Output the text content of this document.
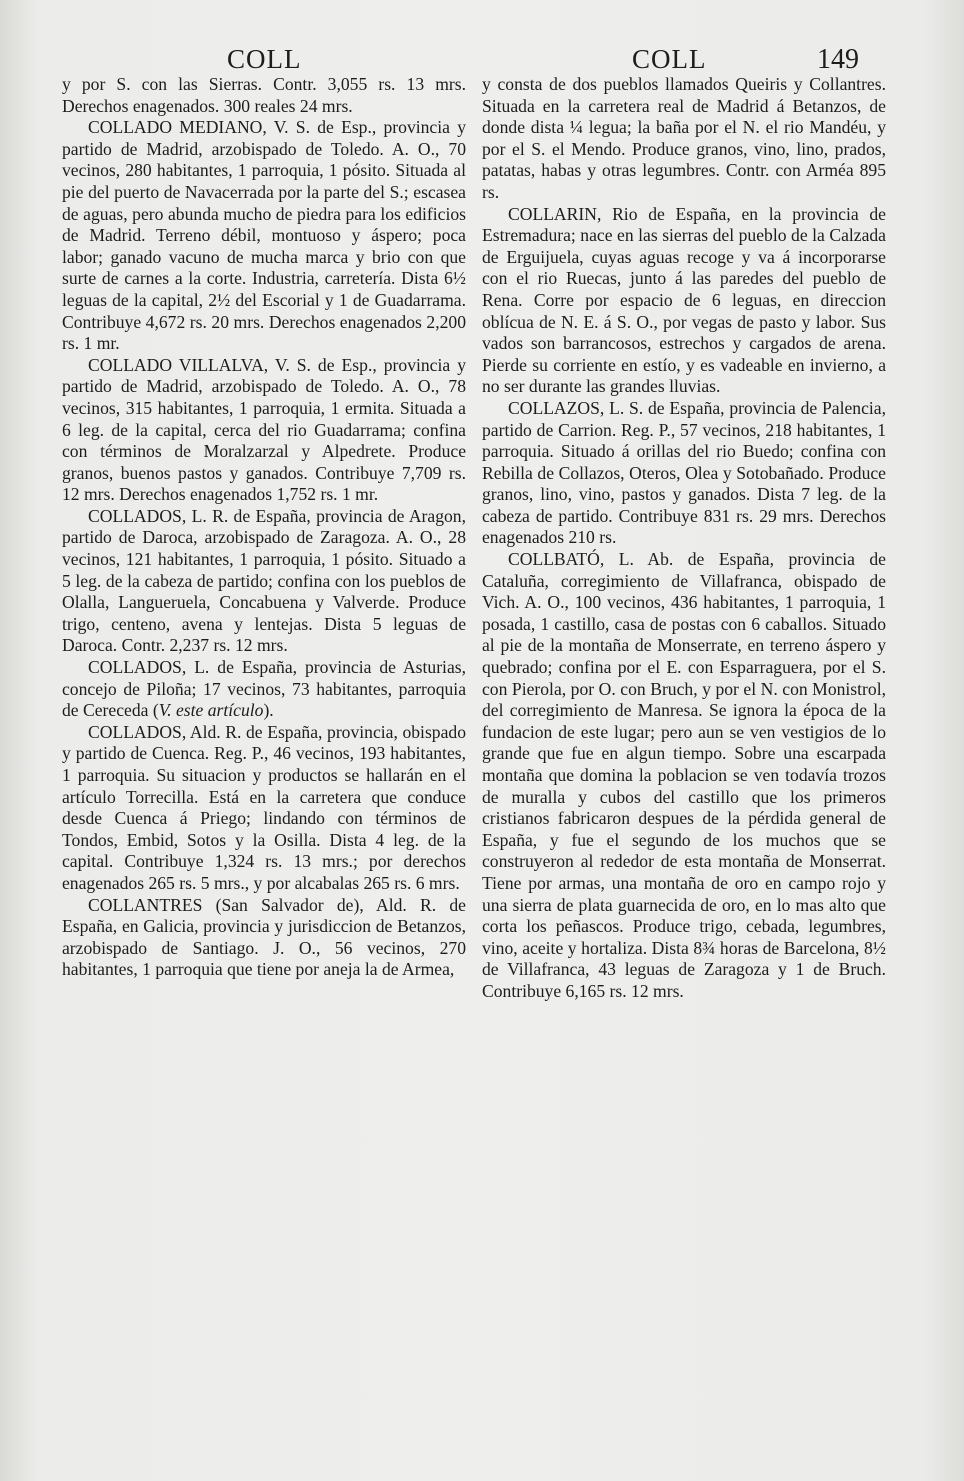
COLL	COLL	149

y por S. con las Sierras. Contr. 3,055 rs. 13 mrs. Derechos enagenados. 300 reales 24 mrs.

COLLADO MEDIANO, V. S. de Esp., provincia y partido de Madrid, arzobispado de Toledo. A. O., 70 vecinos, 280 habitantes, 1 parroquia, 1 pósito. Situada al pie del puerto de Navacerrada por la parte del S.; escasea de aguas, pero abunda mucho de piedra para los edificios de Madrid. Terreno débil, montuoso y áspero; poca labor; ganado vacuno de mucha marca y brio con que surte de carnes a la corte. Industria, carretería. Dista 6½ leguas de la capital, 2½ del Escorial y 1 de Guadarrama. Contribuye 4,672 rs. 20 mrs. Derechos enagenados 2,200 rs. 1 mr.

COLLADO VILLALVA, V. S. de Esp., provincia y partido de Madrid, arzobispado de Toledo. A. O., 78 vecinos, 315 habitantes, 1 parroquia, 1 ermita. Situada a 6 leg. de la capital, cerca del rio Guadarrama; confina con términos de Moralzarzal y Alpedrete. Produce granos, buenos pastos y ganados. Contribuye 7,709 rs. 12 mrs. Derechos enagenados 1,752 rs. 1 mr.

COLLADOS, L. R. de España, provincia de Aragon, partido de Daroca, arzobispado de Zaragoza. A. O., 28 vecinos, 121 habitantes, 1 parroquia, 1 pósito. Situado a 5 leg. de la cabeza de partido; confina con los pueblos de Olalla, Langueruela, Concabuena y Valverde. Produce trigo, centeno, avena y lentejas. Dista 5 leguas de Daroca. Contr. 2,237 rs. 12 mrs.

COLLADOS, L. de España, provincia de Asturias, concejo de Piloña; 17 vecinos, 73 habitantes, parroquia de Cereceda (V. este artículo).

COLLADOS, Ald. R. de España, provincia, obispado y partido de Cuenca. Reg. P., 46 vecinos, 193 habitantes, 1 parroquia. Su situacion y productos se hallarán en el artículo Torrecilla. Está en la carretera que conduce desde Cuenca á Priego; lindando con términos de Tondos, Embid, Sotos y la Osilla. Dista 4 leg. de la capital. Contribuye 1,324 rs. 13 mrs.; por derechos enagenados 265 rs. 5 mrs., y por alcabalas 265 rs. 6 mrs.

COLLANTRES (San Salvador de), Ald. R. de España, en Galicia, provincia y jurisdiccion de Betanzos, arzobispado de Santiago. J. O., 56 vecinos, 270 habitantes, 1 parroquia que tiene por aneja la de Armea,

y consta de dos pueblos llamados Queiris y Collantres. Situada en la carretera real de Madrid á Betanzos, de donde dista ¼ legua; la baña por el N. el rio Mandéu, y por el S. el Mendo. Produce granos, vino, lino, prados, patatas, habas y otras legumbres. Contr. con Arméa 895 rs.

COLLARIN, Rio de España, en la provincia de Estremadura; nace en las sierras del pueblo de la Calzada de Erguijuela, cuyas aguas recoge y va á incorporarse con el rio Ruecas, junto á las paredes del pueblo de Rena. Corre por espacio de 6 leguas, en direccion oblícua de N. E. á S. O., por vegas de pasto y labor. Sus vados son barrancosos, estrechos y cargados de arena. Pierde su corriente en estío, y es vadeable en invierno, a no ser durante las grandes lluvias.

COLLAZOS, L. S. de España, provincia de Palencia, partido de Carrion. Reg. P., 57 vecinos, 218 habitantes, 1 parroquia. Situado á orillas del rio Buedo; confina con Rebilla de Collazos, Oteros, Olea y Sotobañado. Produce granos, lino, vino, pastos y ganados. Dista 7 leg. de la cabeza de partido. Contribuye 831 rs. 29 mrs. Derechos enagenados 210 rs.

COLLBATÓ, L. Ab. de España, provincia de Cataluña, corregimiento de Villafranca, obispado de Vich. A. O., 100 vecinos, 436 habitantes, 1 parroquia, 1 posada, 1 castillo, casa de postas con 6 caballos. Situado al pie de la montaña de Monserrate, en terreno áspero y quebrado; confina por el E. con Esparraguera, por el S. con Pierola, por O. con Bruch, y por el N. con Monistrol, del corregimiento de Manresa. Se ignora la época de la fundacion de este lugar; pero aun se ven vestigios de lo grande que fue en algun tiempo. Sobre una escarpada montaña que domina la poblacion se ven todavía trozos de muralla y cubos del castillo que los primeros cristianos fabricaron despues de la pérdida general de España, y fue el segundo de los muchos que se construyeron al rededor de esta montaña de Monserrat. Tiene por armas, una montaña de oro en campo rojo y una sierra de plata guarnecida de oro, en lo mas alto que corta los peñascos. Produce trigo, cebada, legumbres, vino, aceite y hortaliza. Dista 8¾ horas de Barcelona, 8½ de Villafranca, 43 leguas de Zaragoza y 1 de Bruch. Contribuye 6,165 rs. 12 mrs.
